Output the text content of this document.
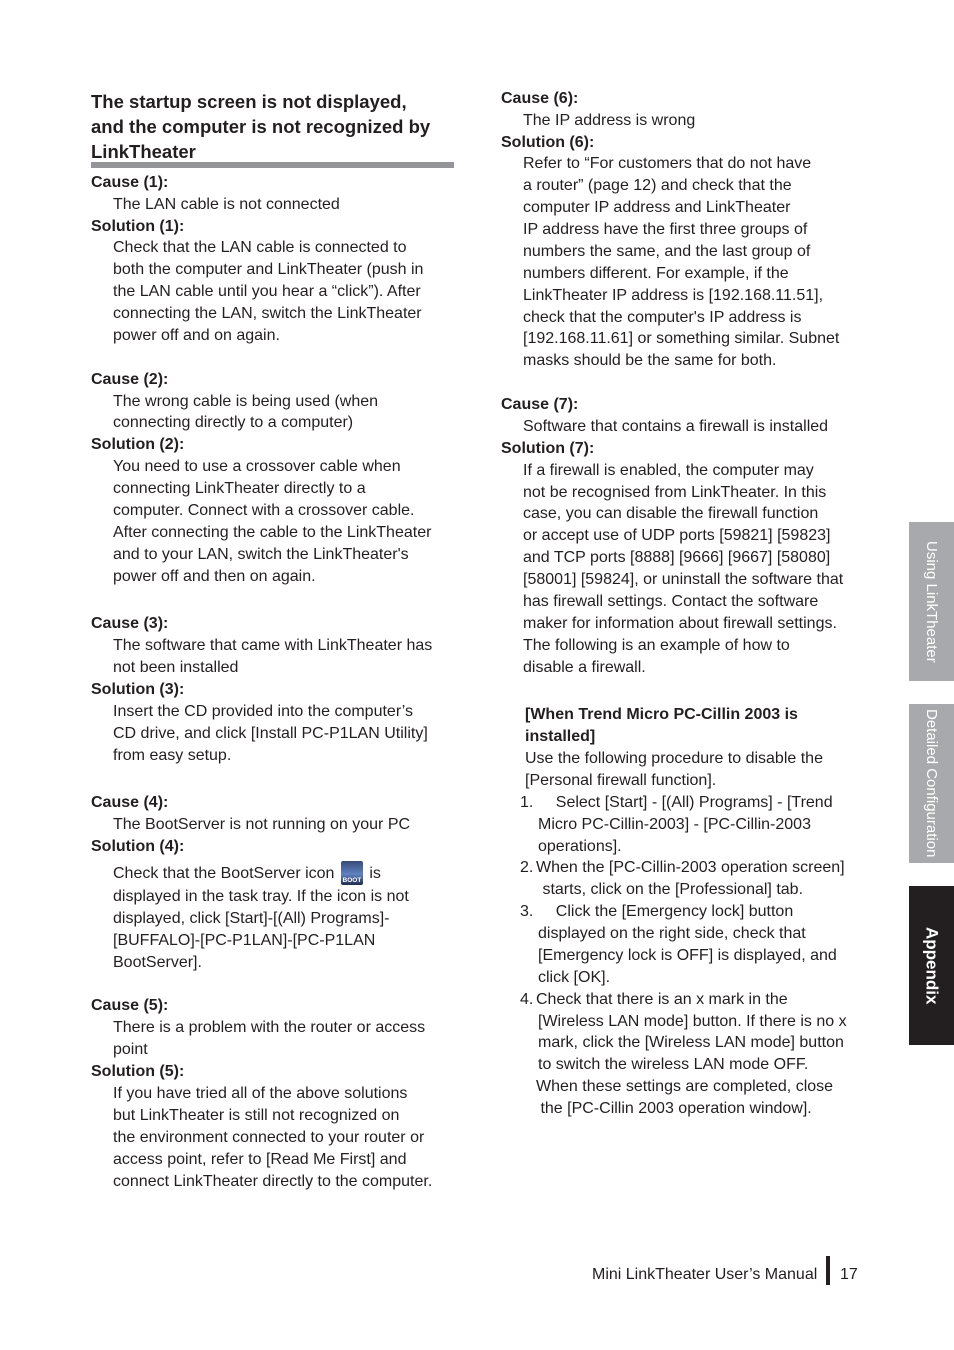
The startup screen is not displayed,
and the computer is not recognized by
LinkTheater
Cause (1):
The LAN cable is not connected
Solution (1):
Check that the LAN cable is connected to
both the computer and LinkTheater (push in
the LAN cable until you hear a “click”). After
connecting the LAN, switch the LinkTheater
power off and on again.
Cause (2):
The wrong cable is being used (when
connecting directly to a computer)
Solution (2):
You need to use a crossover cable when
connecting LinkTheater directly to a
computer. Connect with a crossover cable.
After connecting the cable to the LinkTheater
and to your LAN, switch the LinkTheater's
power off and then on again.
Cause (3):
The software that came with LinkTheater has
not been installed
Solution (3):
Insert the CD provided into the computer’s
CD drive, and click [Install PC-P1LAN Utility]
from easy setup.
Cause (4):
The BootServer is not running on your PC
Solution (4):
Check that the BootServer icon BOOT is
displayed in the task tray. If the icon is not
displayed, click [Start]-[(All) Programs]-
[BUFFALO]-[PC-P1LAN]-[PC-P1LAN
BootServer].
Cause (5):
There is a problem with the router or access
point
Solution (5):
If you have tried all of the above solutions
but LinkTheater is still not recognized on
the environment connected to your router or
access point, refer to [Read Me First] and
connect LinkTheater directly to the computer.
Cause (6):
The IP address is wrong
Solution (6):
Refer to “For customers that do not have
a router” (page 12) and check that the
computer IP address and LinkTheater
IP address have the first three groups of
numbers the same, and the last group of
numbers different. For example, if the
LinkTheater IP address is [192.168.11.51],
check that the computer's IP address is
[192.168.11.61] or something similar. Subnet
masks should be the same for both.
Cause (7):
Software that contains a firewall is installed
Solution (7):
If a firewall is enabled, the computer may
not be recognised from LinkTheater. In this
case, you can disable the firewall function
or accept use of UDP ports [59821] [59823]
and TCP ports [8888] [9666] [9667] [58080]
[58001] [59824], or uninstall the software that
has firewall settings. Contact the software
maker for information about firewall settings.
The following is an example of how to
disable a firewall.
[When Trend Micro PC-Cillin 2003 is
installed]
Use the following procedure to disable the
[Personal firewall function].
1. Select [Start] - [(All) Programs] - [Trend
Micro PC-Cillin-2003] - [PC-Cillin-2003
operations].
2. When the [PC-Cillin-2003 operation screen]
starts, click on the [Professional] tab.
3. Click the [Emergency lock] button
displayed on the right side, check that
[Emergency lock is OFF] is displayed, and
click [OK].
4. Check that there is an x mark in the
[Wireless LAN mode] button. If there is no x
mark, click the [Wireless LAN mode] button
to switch the wireless LAN mode OFF.
When these settings are completed, close
the [PC-Cillin 2003 operation window].
Using LinkTheater
Detailed Configuration
Appendix
Mini LinkTheater User’s Manual 17
